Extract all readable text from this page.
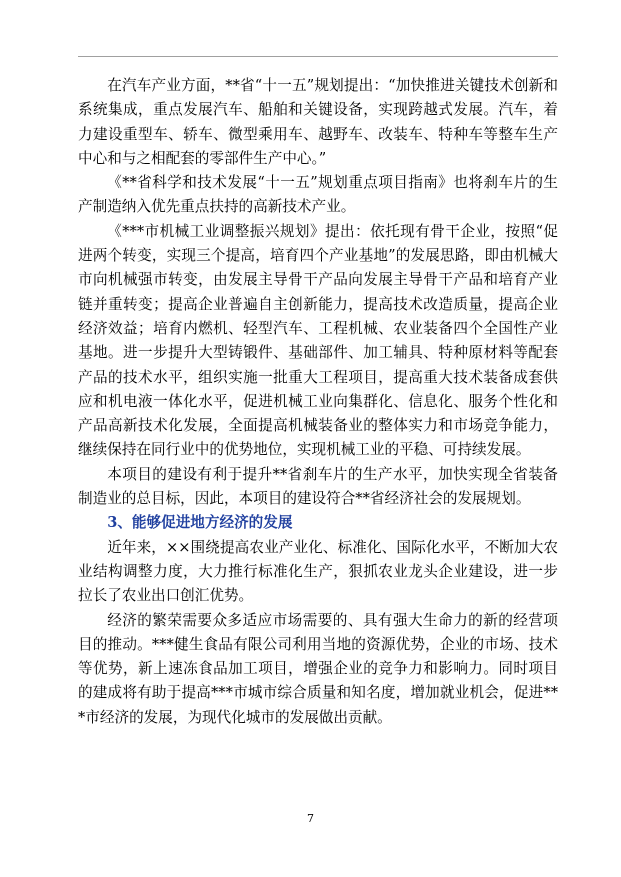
在汽车产业方面，**省“十一五”规划提出：“加快推进关键技术创新和系统集成，重点发展汽车、船舶和关键设备，实现跨越式发展。汽车，着力建设重型车、轿车、微型乘用车、越野车、改装车、特种车等整车生产中心和与之相配套的零部件生产中心。”

《**省科学和技术发展“十一五”规划重点项目指南》也将刹车片的生产制造纳入优先重点扶持的高新技术产业。

《***市机械工业调整振兴规划》提出：依托现有骨干企业，按照“促进两个转变，实现三个提高，培育四个产业基地”的发展思路，即由机械大市向机械强市转变，由发展主导骨干产品向发展主导骨干产品和培育产业链并重转变；提高企业普遍自主创新能力，提高技术改造质量，提高企业经济效益；培育内燃机、轻型汽车、工程机械、农业装备四个全国性产业基地。进一步提升大型铸锻件、基础部件、加工辅具、特种原材料等配套产品的技术水平，组织实施一批重大工程项目，提高重大技术装备成套供应和机电液一体化水平，促进机械工业向集群化、信息化、服务个性化和产品高新技术化发展，全面提高机械装备业的整体实力和市场竞争能力，继续保持在同行业中的优势地位，实现机械工业的平稳、可持续发展。

本项目的建设有利于提升**省刹车片的生产水平，加快实现全省装备制造业的总目标，因此，本项目的建设符合**省经济社会的发展规划。

3、能够促进地方经济的发展

近年来，××围绕提高农业产业化、标准化、国际化水平，不断加大农业结构调整力度，大力推行标准化生产，狠抓农业龙头企业建设，进一步拉长了农业出口创汇优势。

经济的繁荣需要众多适应市场需要的、具有强大生命力的新的经营项目的推动。***健生食品有限公司利用当地的资源优势，企业的市场、技术等优势，新上速冻食品加工项目，增强企业的竞争力和影响力。同时项目的建成将有助于提高***市城市综合质量和知名度，增加就业机会，促进***市经济的发展，为现代化城市的发展做出贡献。

7
